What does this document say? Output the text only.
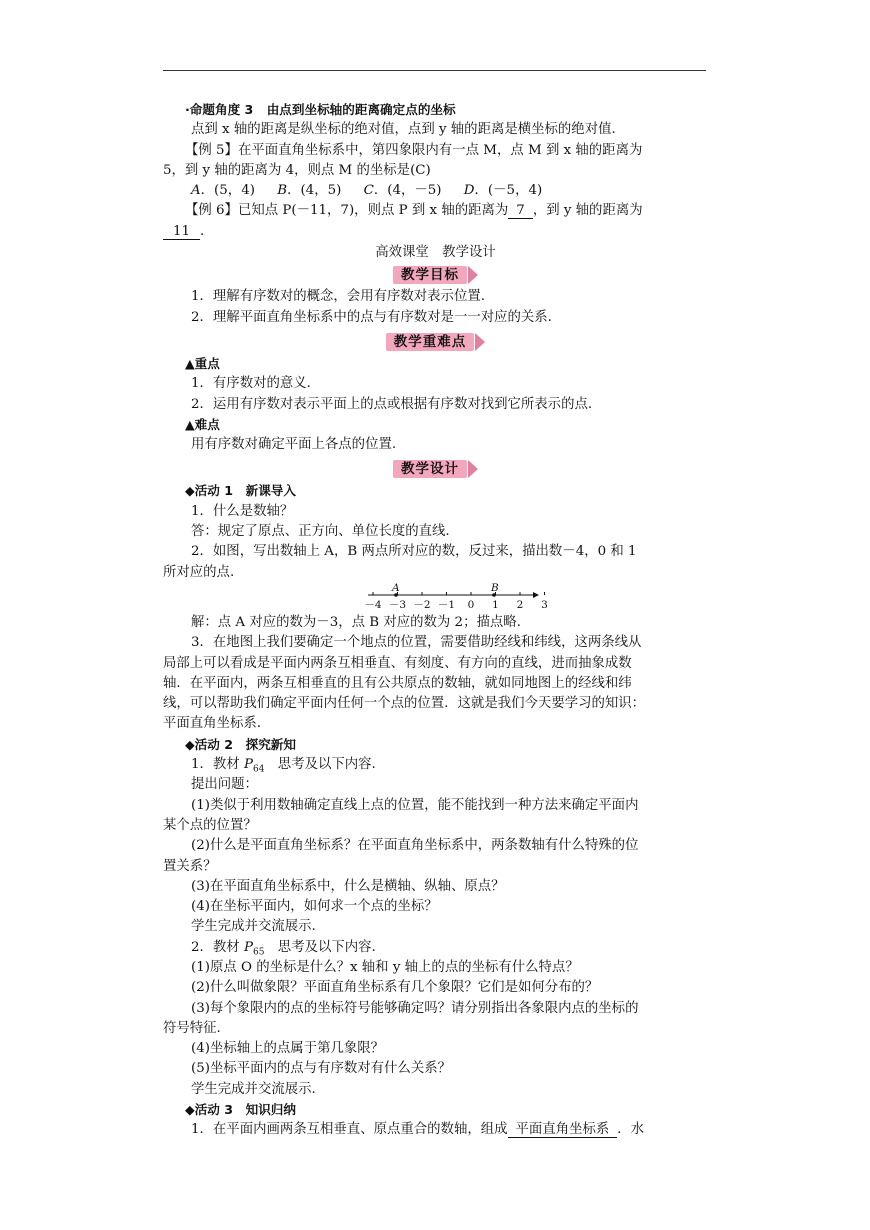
·命题角度 3　 由点到坐标轴的距离确定点的坐标
点到 x 轴的距离是纵坐标的绝对值，点到 y 轴的距离是横坐标的绝对值.
【例 5】在平面直角坐标系中，第四象限内有一点 M，点 M 到 x 轴的距离为
5，到 y 轴的距离为 4，则点 M 的坐标是(C)
A．(5，4) B．(4，5) C．(4，－5) D．(－5，4)
【例 6】已知点 P(－11，7)，则点 P 到 x 轴的距离为 7 ，到 y 轴的距离为
11 .
高效课堂　教学设计
教学目标
1．理解有序数对的概念，会用有序数对表示位置.
2．理解平面直角坐标系中的点与有序数对是一一对应的关系.
教学重难点
▲重点
1．有序数对的意义.
2．运用有序数对表示平面上的点或根据有序数对找到它所表示的点.
▲难点
用有序数对确定平面上各点的位置.
教学设计
◆活动 1　新课导入
1．什么是数轴？
答：规定了原点、正方向、单位长度的直线.
2．如图，写出数轴上 A，B 两点所对应的数，反过来，描出数－4，0 和 1
所对应的点.
－4 －3 －2 －1 0 1 2 3
A	B
解：点 A 对应的数为－3，点 B 对应的数为 2；描点略.
3．在地图上我们要确定一个地点的位置，需要借助经线和纬线，这两条线从
局部上可以看成是平面内两条互相垂直、有刻度、有方向的直线，进而抽象成数
轴．在平面内，两条互相垂直的且有公共原点的数轴，就如同地图上的经线和纬
线，可以帮助我们确定平面内任何一个点的位置．这就是我们今天要学习的知识：
平面直角坐标系.
◆活动 2　探究新知
1．教材 $P_{64}$　思考及以下内容.
提出问题：
(1)类似于利用数轴确定直线上点的位置，能不能找到一种方法来确定平面内
某个点的位置？
(2)什么是平面直角坐标系？在平面直角坐标系中，两条数轴有什么特殊的位
置关系？
(3)在平面直角坐标系中，什么是横轴、纵轴、原点？
(4)在坐标平面内，如何求一个点的坐标？
学生完成并交流展示.
2．教材 $P_{65}$　思考及以下内容.
(1)原点 O 的坐标是什么？x 轴和 y 轴上的点的坐标有什么特点？
(2)什么叫做象限？平面直角坐标系有几个象限？它们是如何分布的？
(3)每个象限内的点的坐标符号能够确定吗？请分别指出各象限内点的坐标的
符号特征.
(4)坐标轴上的点属于第几象限？
(5)坐标平面内的点与有序数对有什么关系？
学生完成并交流展示.
◆活动 3　知识归纳
1．在平面内画两条互相垂直、原点重合的数轴，组成 平面直角坐标系 ．水
